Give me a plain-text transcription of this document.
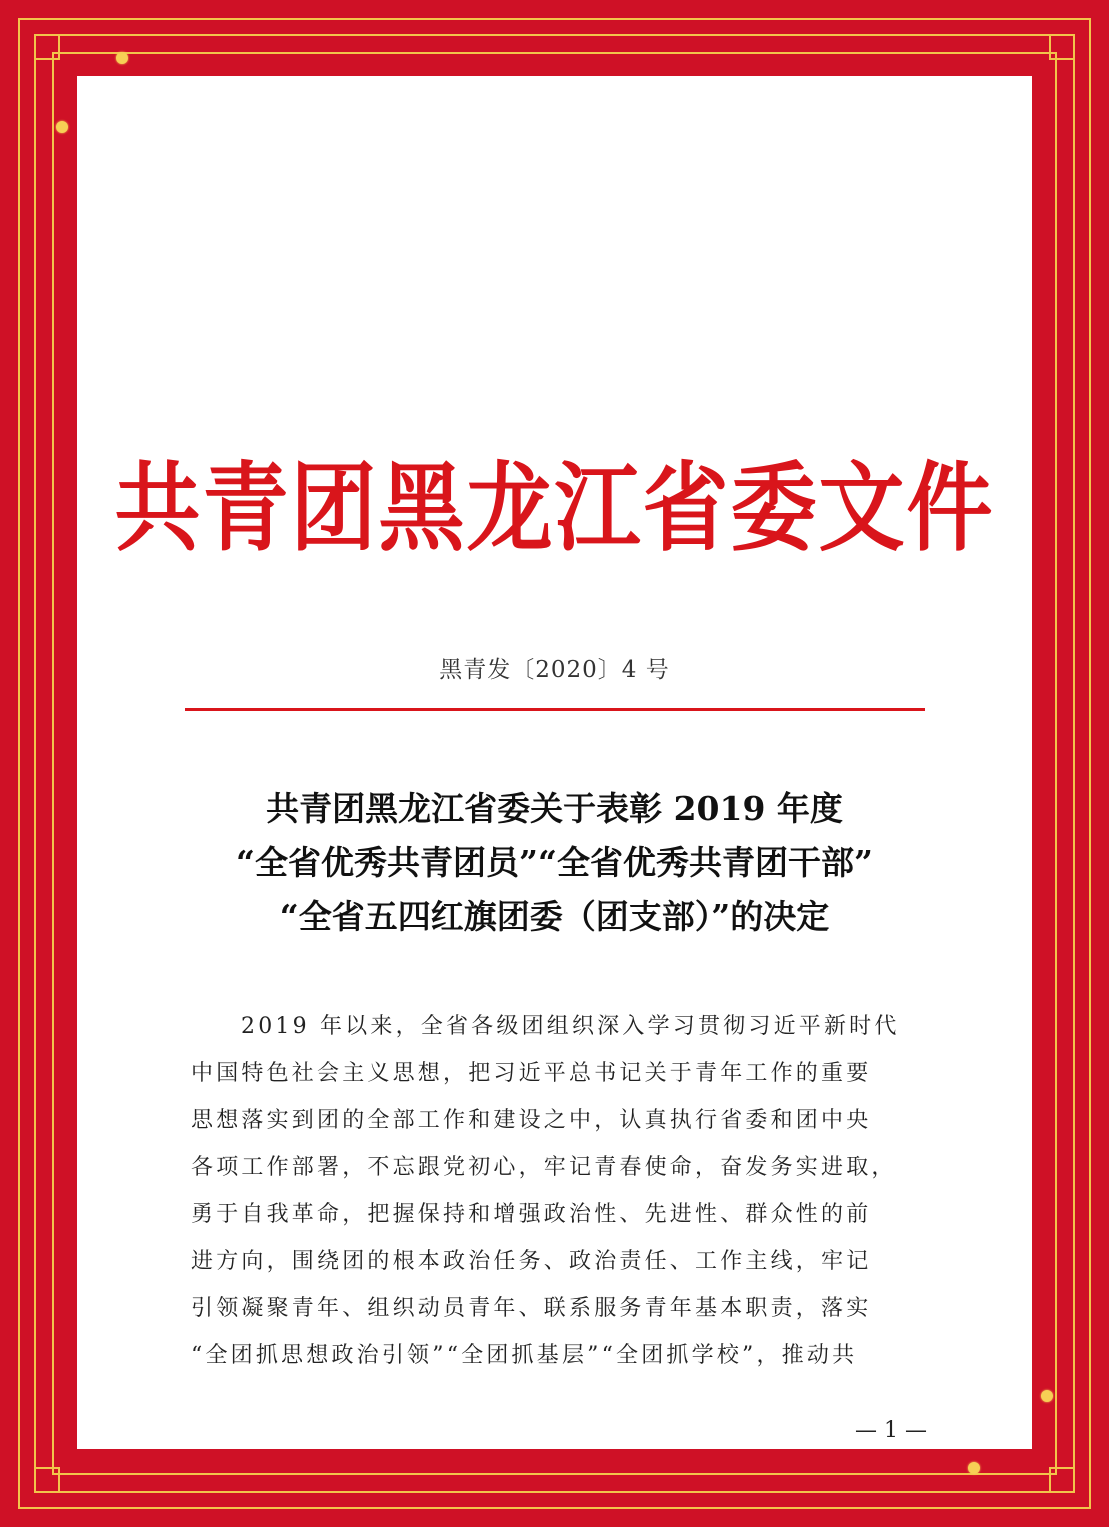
共青团黑龙江省委文件
黑青发〔2020〕4 号
共青团黑龙江省委关于表彰 2019 年度
“全省优秀共青团员”“全省优秀共青团干部”
“全省五四红旗团委（团支部）”的决定
2019 年以来，全省各级团组织深入学习贯彻习近平新时代
中国特色社会主义思想，把习近平总书记关于青年工作的重要
思想落实到团的全部工作和建设之中，认真执行省委和团中央
各项工作部署，不忘跟党初心，牢记青春使命，奋发务实进取，
勇于自我革命，把握保持和增强政治性、先进性、群众性的前
进方向，围绕团的根本政治任务、政治责任、工作主线，牢记
引领凝聚青年、组织动员青年、联系服务青年基本职责，落实
“全团抓思想政治引领”“全团抓基层”“全团抓学校”，推动共
— 1 —
